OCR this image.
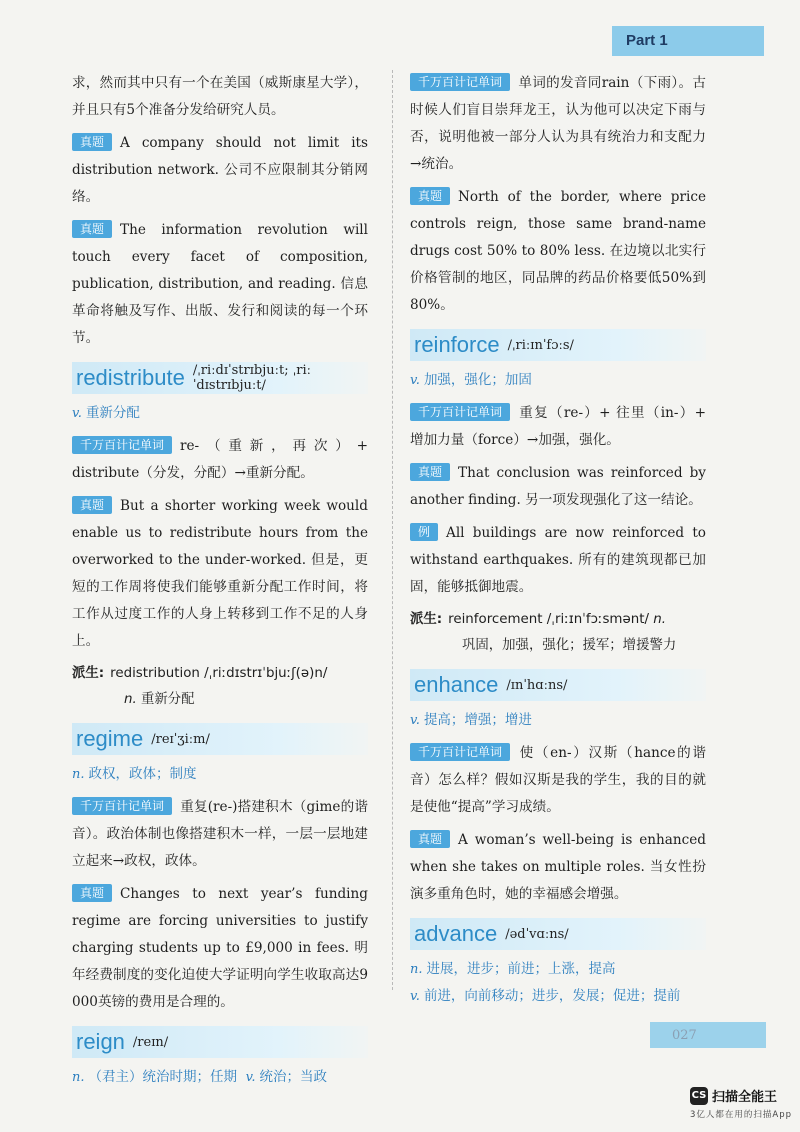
Part 1

求，然而其中只有一个在美国（威斯康星大学），并且只有5个准备分发给研究人员。

真题 A company should not limit its distribution network. 公司不应限制其分销网络。

真题 The information revolution will touch every facet of composition, publication, distribution, and reading. 信息革命将触及写作、出版、发行和阅读的每一个环节。

redistribute /ˌriːdɪˈstrɪbjuːt; ˌriːˈdɪstrɪbjuːt/
v. 重新分配

千万百计记单词 re-（重新，再次）+ distribute（分发，分配）→重新分配。

真题 But a shorter working week would enable us to redistribute hours from the overworked to the under-worked. 但是，更短的工作周将使我们能够重新分配工作时间，将工作从过度工作的人身上转移到工作不足的人身上。

派生: redistribution /ˌriːdɪstrɪˈbjuːʃ(ə)n/
n. 重新分配
regime /reɪˈʒiːm/
n. 政权，政体；制度

千万百计记单词 重复(re-)搭建积木（gime的谐音）。政治体制也像搭建积木一样，一层一层地建立起来→政权，政体。

真题 Changes to next year’s funding regime are forcing universities to justify charging students up to £9,000 in fees. 明年经费制度的变化迫使大学证明向学生收取高达9 000英镑的费用是合理的。

reign /reɪn/
n. （君主）统治时期；任期 v. 统治；当政

千万百计记单词 单词的发音同rain（下雨）。古时候人们盲目崇拜龙王，认为他可以决定下雨与否，说明他被一部分人认为具有统治力和支配力→统治。

真题 North of the border, where price controls reign, those same brand-name drugs cost 50% to 80% less. 在边境以北实行价格管制的地区，同品牌的药品价格要低50%到80%。

reinforce /ˌriːɪnˈfɔːs/
v. 加强，强化；加固

千万百计记单词 重复（re-）+ 往里（in-）+ 增加力量（force）→加强，强化。

真题 That conclusion was reinforced by another finding. 另一项发现强化了这一结论。

例 All buildings are now reinforced to withstand earthquakes. 所有的建筑现都已加固，能够抵御地震。

派生: reinforcement /ˌriːɪnˈfɔːsmənt/ n.
巩固，加强，强化；援军；增援警力
enhance /ɪnˈhɑːns/
v. 提高；增强；增进

千万百计记单词 使（en-）汉斯（hance的谐音）怎么样？假如汉斯是我的学生，我的目的就是使他“提高”学习成绩。

真题 A woman’s well-being is enhanced when she takes on multiple roles. 当女性扮演多重角色时，她的幸福感会增强。

advance /ədˈvɑːns/
n. 进展，进步；前进；上涨，提高
v. 前进，向前移动；进步，发展；促进；提前
027
CS 扫描全能王
3亿人都在用的扫描App
